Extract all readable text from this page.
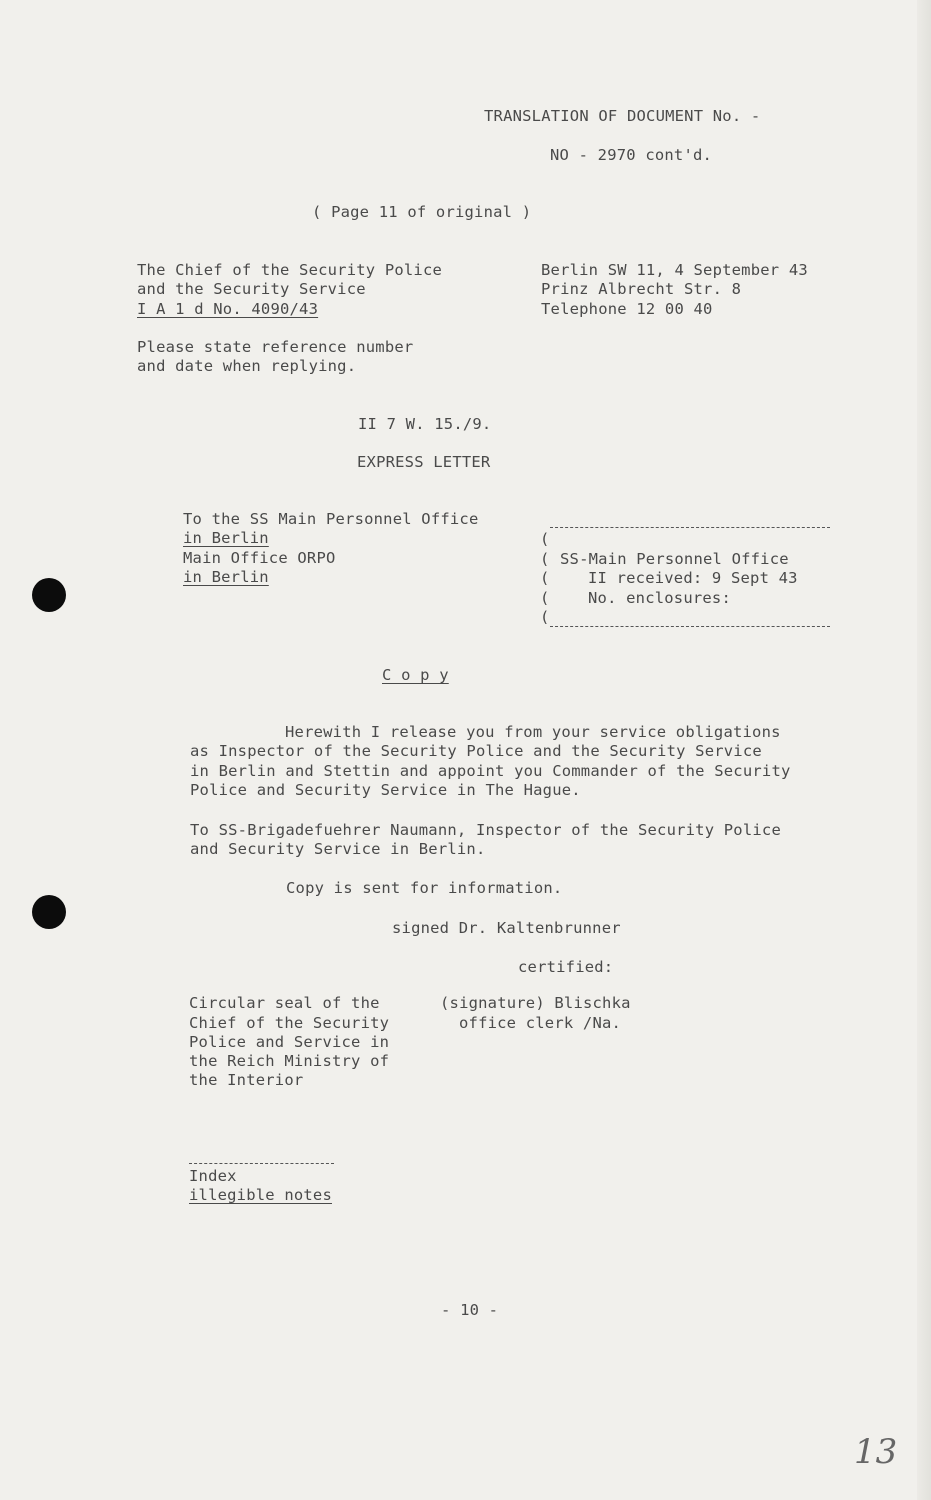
TRANSLATION OF DOCUMENT No. -
NO - 2970 cont'd.
( Page 11 of original )
The Chief of the Security Police
and the Security Service
I A 1 d No. 4090/43
Berlin SW 11, 4 September 43
Prinz Albrecht Str. 8
Telephone 12 00 40
Please state reference number
and date when replying.
II 7 W. 15./9.
EXPRESS LETTER
To the SS Main Personnel Office
in Berlin
Main Office ORPO
in Berlin
(
(
(
(
(
SS-Main Personnel Office
II received: 9 Sept 43
No. enclosures:
C o p y
Herewith I release you from your service obligations
as Inspector of the Security Police and the Security Service
in Berlin and Stettin and appoint you Commander of the Security
Police and Security Service in The Hague.
To SS-Brigadefuehrer Naumann, Inspector of the Security Police
and Security Service in Berlin.
Copy is sent for information.
signed Dr. Kaltenbrunner
certified:
Circular seal of the
Chief of the Security
Police and Service in
the Reich Ministry of
the Interior
(signature) Blischka
office clerk /Na.
Index
illegible notes
- 10 -
13
